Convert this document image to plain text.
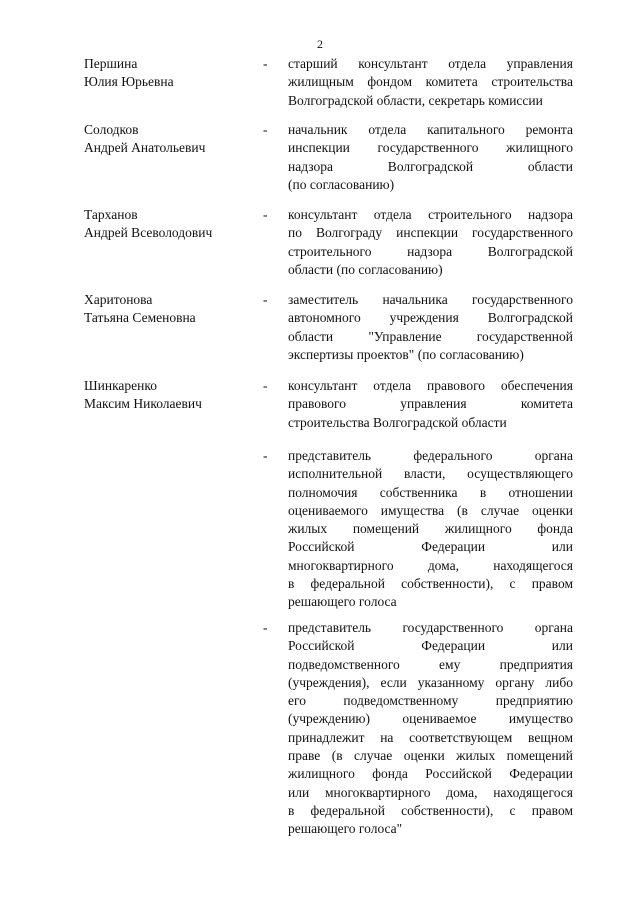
2
Першина
Юлия Юрьевна
- старший консультант отдела управления
жилищным фондом комитета строительства
Волгоградской области, секретарь комиссии
Солодков
Андрей Анатольевич
- начальник отдела капитального ремонта
инспекции государственного жилищного
надзора Волгоградской области
(по согласованию)
Тарханов
Андрей Всеволодович
- консультант отдела строительного надзора
по Волгограду инспекции государственного
строительного надзора Волгоградской
области (по согласованию)
Харитонова
Татьяна Семеновна
- заместитель начальника государственного
автономного учреждения Волгоградской
области "Управление государственной
экспертизы проектов" (по согласованию)
Шинкаренко
Максим Николаевич
- консультант отдела правового обеспечения
правового управления комитета
строительства Волгоградской области
- представитель федерального органа
исполнительной власти, осуществляющего
полномочия собственника в отношении
оцениваемого имущества (в случае оценки
жилых помещений жилищного фонда
Российской Федерации или
многоквартирного дома, находящегося
в федеральной собственности), с правом
решающего голоса
- представитель государственного органа
Российской Федерации или
подведомственного ему предприятия
(учреждения), если указанному органу либо
его подведомственному предприятию
(учреждению) оцениваемое имущество
принадлежит на соответствующем вещном
праве (в случае оценки жилых помещений
жилищного фонда Российской Федерации
или многоквартирного дома, находящегося
в федеральной собственности), с правом
решающего голоса"
